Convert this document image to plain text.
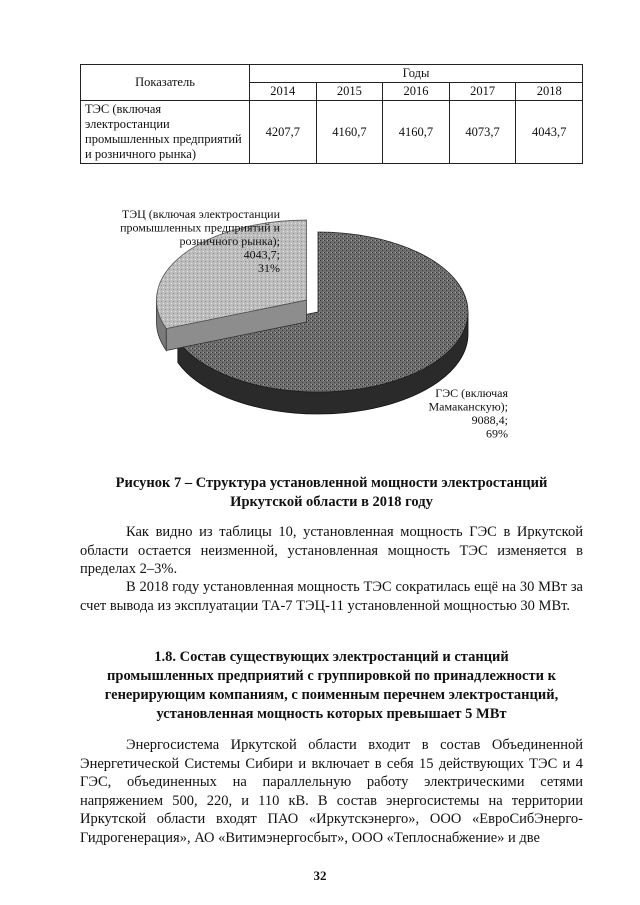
Показатель	Годы				
	2014	2015	2016	2017	2018
ТЭС (включая электростанции промышленных предприятий и розничного рынка)	4207,7	4160,7	4160,7	4073,7	4043,7
ТЭЦ (включая электростанции промышленных предприятий и розничного рынка); 4043,7; 31%
ГЭС (включая Мамаканскую); 9088,4; 69%
Рисунок 7 – Структура установленной мощности электростанций
Иркутской области в 2018 году

Как видно из таблицы 10, установленная мощность ГЭС в Иркутской области остается неизменной, установленная мощность ТЭС изменяется в пределах 2–3%.

В 2018 году установленная мощность ТЭС сократилась ещё на 30 МВт за счет вывода из эксплуатации ТА-7 ТЭЦ-11 установленной мощностью 30 МВт.

1.8. Состав существующих электростанций и станций
промышленных предприятий с группировкой по принадлежности к
генерирующим компаниям, с поименным перечнем электростанций,
установленная мощность которых превышает 5 МВт

Энергосистема Иркутской области входит в состав Объединенной Энергетической Системы Сибири и включает в себя 15 действующих ТЭС и 4 ГЭС, объединенных на параллельную работу электрическими сетями напряжением 500, 220, и 110 кВ. В состав энергосистемы на территории Иркутской области входят ПАО «Иркутскэнерго», ООО «ЕвроСибЭнерго-Гидрогенерация», АО «Витимэнергосбыт», ООО «Теплоснабжение» и две

32
